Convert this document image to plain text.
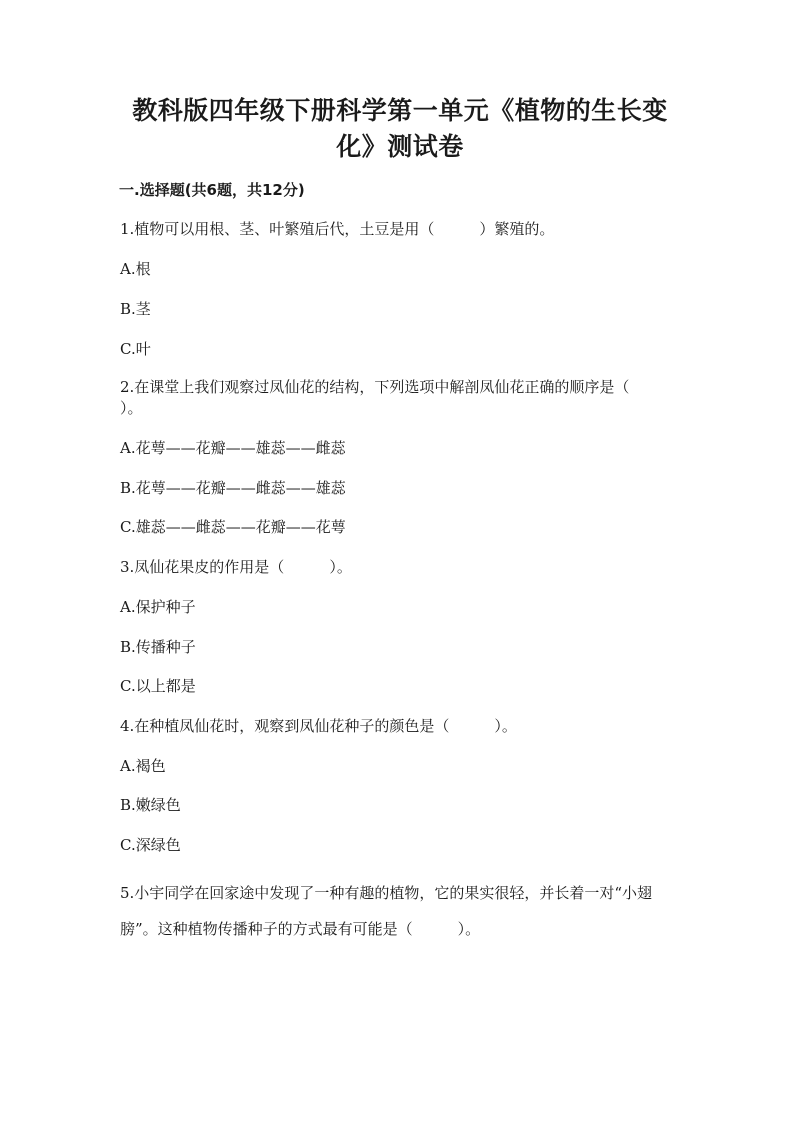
教科版四年级下册科学第一单元《植物的生长变化》测试卷
一.选择题(共6题，共12分)

1.植物可以用根、茎、叶繁殖后代，土豆是用（　　　）繁殖的。

A.根

B.茎

C.叶

2.在课堂上我们观察过凤仙花的结构，下列选项中解剖凤仙花正确的顺序是（　　　）。

A.花萼——花瓣——雄蕊——雌蕊

B.花萼——花瓣——雌蕊——雄蕊

C.雄蕊——雌蕊——花瓣——花萼

3.凤仙花果皮的作用是（　　　）。

A.保护种子

B.传播种子

C.以上都是

4.在种植凤仙花时，观察到凤仙花种子的颜色是（　　　）。

A.褐色

B.嫩绿色

C.深绿色

5.小宇同学在回家途中发现了一种有趣的植物，它的果实很轻，并长着一对“小翅膀”。这种植物传播种子的方式最有可能是（　　　）。
